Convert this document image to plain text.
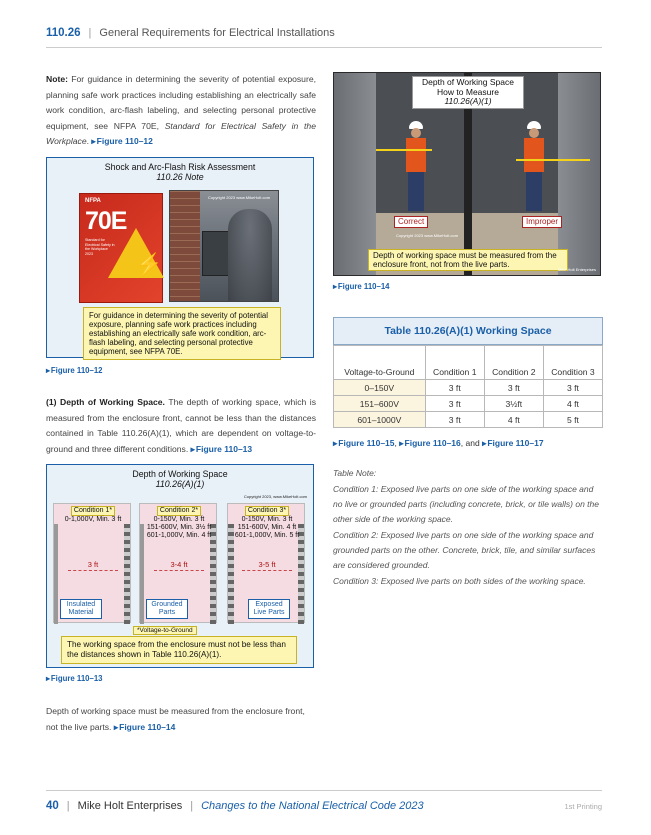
110.26 | General Requirements for Electrical Installations
Note: For guidance in determining the severity of potential exposure, planning safe work practices including establishing an electrically safe work condition, arc-flash labeling, and selecting personal protective equipment, see NFPA 70E, Standard for Electrical Safety in the Workplace. ▸ Figure 110–12
Shock and Arc-Flash Risk Assessment
110.26 Note
NFPA
70E
Standard for Electrical Safety in the Workplace 2023	⚡
Copyright 2023 www.MikeHolt.com
For guidance in determining the severity of potential exposure, planning safe work practices including establishing an electrically safe work condition, arc-flash labeling, and selecting personal protective equipment, see NFPA 70E.
▸ Figure 110–12
(1) Depth of Working Space. The depth of working space, which is measured from the enclosure front, cannot be less than the distances contained in Table 110.26(A)(1), which are dependent on voltage-to-ground and three different conditions. ▸ Figure 110–13
Depth of Working Space
110.26(A)(1)
Copyright 2023, www.MikeHolt.com
Condition 1*
0-1,000V, Min. 3 ft
3 ft
Insulated Material
Condition 2*
0-150V, Min. 3 ft
151-600V, Min. 3½ ft
601-1,000V, Min. 4 ft
3-4 ft
Grounded Parts
Condition 3*
0-150V, Min. 3 ft
151-600V, Min. 4 ft
601-1,000V, Min. 5 ft
3-5 ft
Exposed Live Parts
*Voltage-to-Ground
The working space from the enclosure must not be less than the distances shown in Table 110.26(A)(1).
▸ Figure 110–13
Depth of working space must be measured from the enclosure front, not the live parts. ▸ Figure 110–14
Depth of Working Space
How to Measure
110.26(A)(1)
Correct	Improper
Copyright 2023 www.MikeHolt.com
Depth of working space must be measured from the enclosure front, not from the live parts.
Mike Holt Enterprises
▸ Figure 110–14
Table 110.26(A)(1) Working Space
Voltage-to-Ground	Condition 1	Condition 2	Condition 3
0–150V	3 ft	3 ft	3 ft
151–600V	3 ft	3½ft	4 ft
601–1000V	3 ft	4 ft	5 ft
▸ Figure 110–15, ▸ Figure 110–16, and ▸ Figure 110–17

Table Note:

Condition 1: Exposed live parts on one side of the working space and no live or grounded parts (including concrete, brick, or tile walls) on the other side of the working space.

Condition 2: Exposed live parts on one side of the working space and grounded parts on the other. Concrete, brick, tile, and similar surfaces are considered grounded.

Condition 3: Exposed live parts on both sides of the working space.

40 | Mike Holt Enterprises | Changes to the National Electrical Code 2023	1st Printing
